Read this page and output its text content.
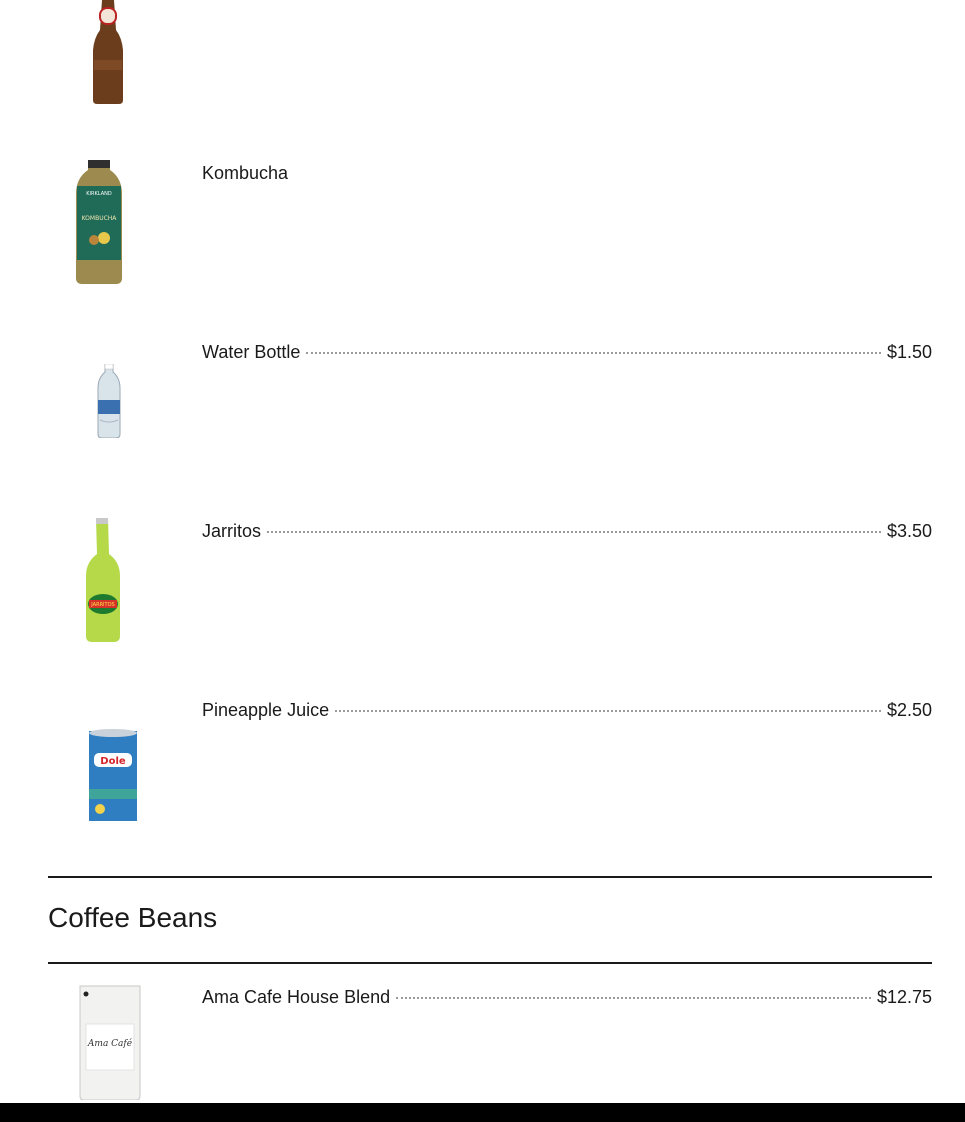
KIRKLAND
KOMBUCHA
Kombucha
Water Bottle	$1.50
JARRITOS
Jarritos	$3.50
Dole
Pineapple Juice	$2.50
Coffee Beans
Ama Café
Ama Cafe House Blend	$12.75
